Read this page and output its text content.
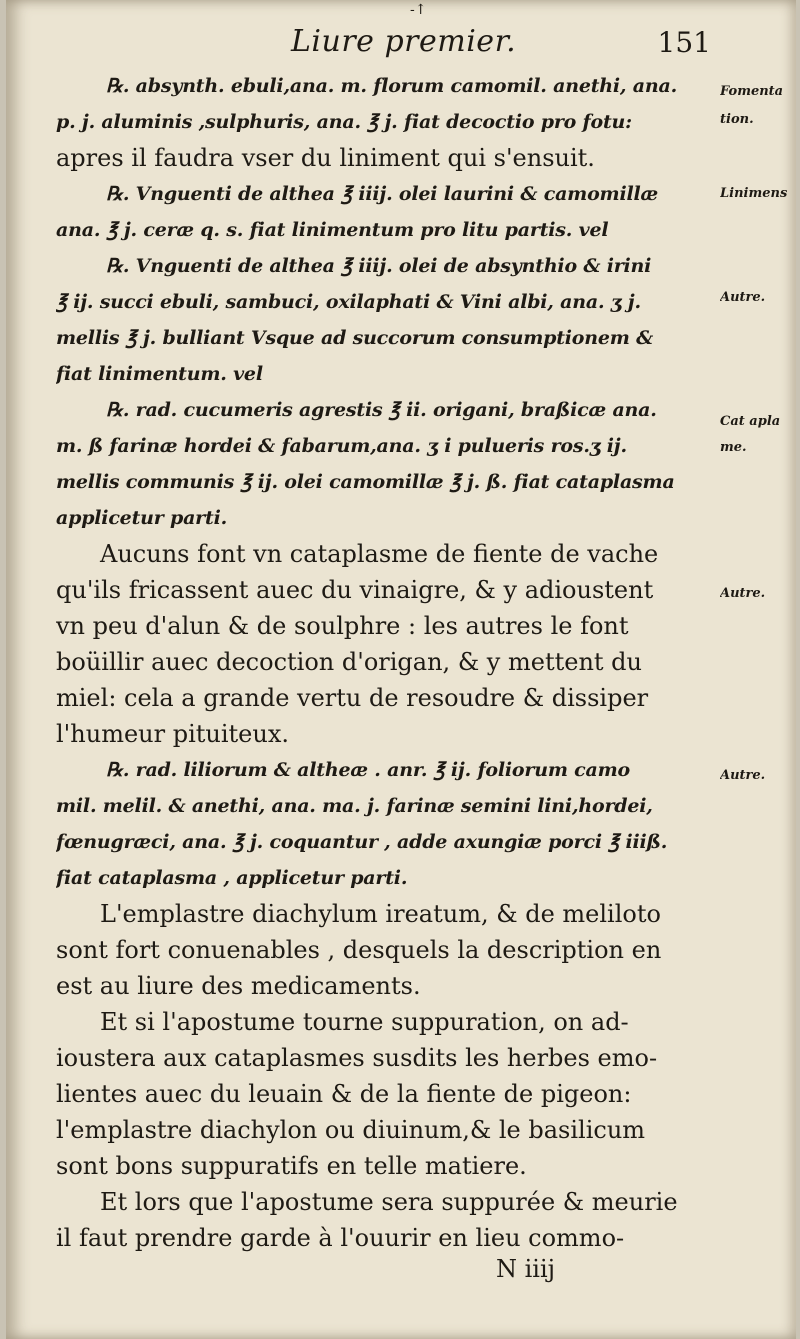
-↑
Liure premier.	151
℞. absynth. ebuli,ana. m. florum camomil. anethi, ana.
p. j. aluminis ,sulphuris, ana. ℥ j. fiat decoctio pro fotu:
apres il faudra vser du liniment qui s'ensuit.
℞. Vnguenti de althea ℥ iiij. olei laurini & camomillæ
ana. ℥ j. ceræ q. s. fiat linimentum pro litu partis. vel
℞. Vnguenti de althea ℥ iiij. olei de absynthio & irini
℥ ij. succi ebuli, sambuci, oxilaphati & Vini albi, ana. ʒ j.
mellis ℥ j. bulliant Vsque ad succorum consumptionem &
fiat linimentum. vel
℞. rad. cucumeris agrestis ℥ ii. origani, braßicæ ana.
m. ß farinæ hordei & fabarum,ana. ʒ i pulueris ros.ʒ ij.
mellis communis ℥ ij. olei camomillæ ℥ j. ß. fiat cataplasma
applicetur parti.
Aucuns font vn cataplasme de fiente de vache
qu'ils fricassent auec du vinaigre, & y adioustent
vn peu d'alun & de soulphre : les autres le font
boüillir auec decoction d'origan, & y mettent du
miel: cela a grande vertu de resoudre & dissiper
l'humeur pituiteux.
℞. rad. liliorum & altheæ . anr. ℥ ij. foliorum camo
mil. melil. & anethi, ana. ma. j. farinæ semini lini,hordei,
fœnugræci, ana. ℥ j. coquantur , adde axungiæ porci ℥ iiiß.
fiat cataplasma , applicetur parti.
L'emplastre diachylum ireatum, & de meliloto
sont fort conuenables , desquels la description en
est au liure des medicaments.
Et si l'apostume tourne suppuration, on ad-
ioustera aux cataplasmes susdits les herbes emo-
lientes auec du leuain & de la fiente de pigeon:
l'emplastre diachylon ou diuinum,& le basilicum
sont bons suppuratifs en telle matiere.
Et lors que l'apostume sera suppurée & meurie
il faut prendre garde à l'ouurir en lieu commo-
Fomenta
tion.
Linimens
Autre.
Cat apla
me.
Autre.
Autre.
N iiij
